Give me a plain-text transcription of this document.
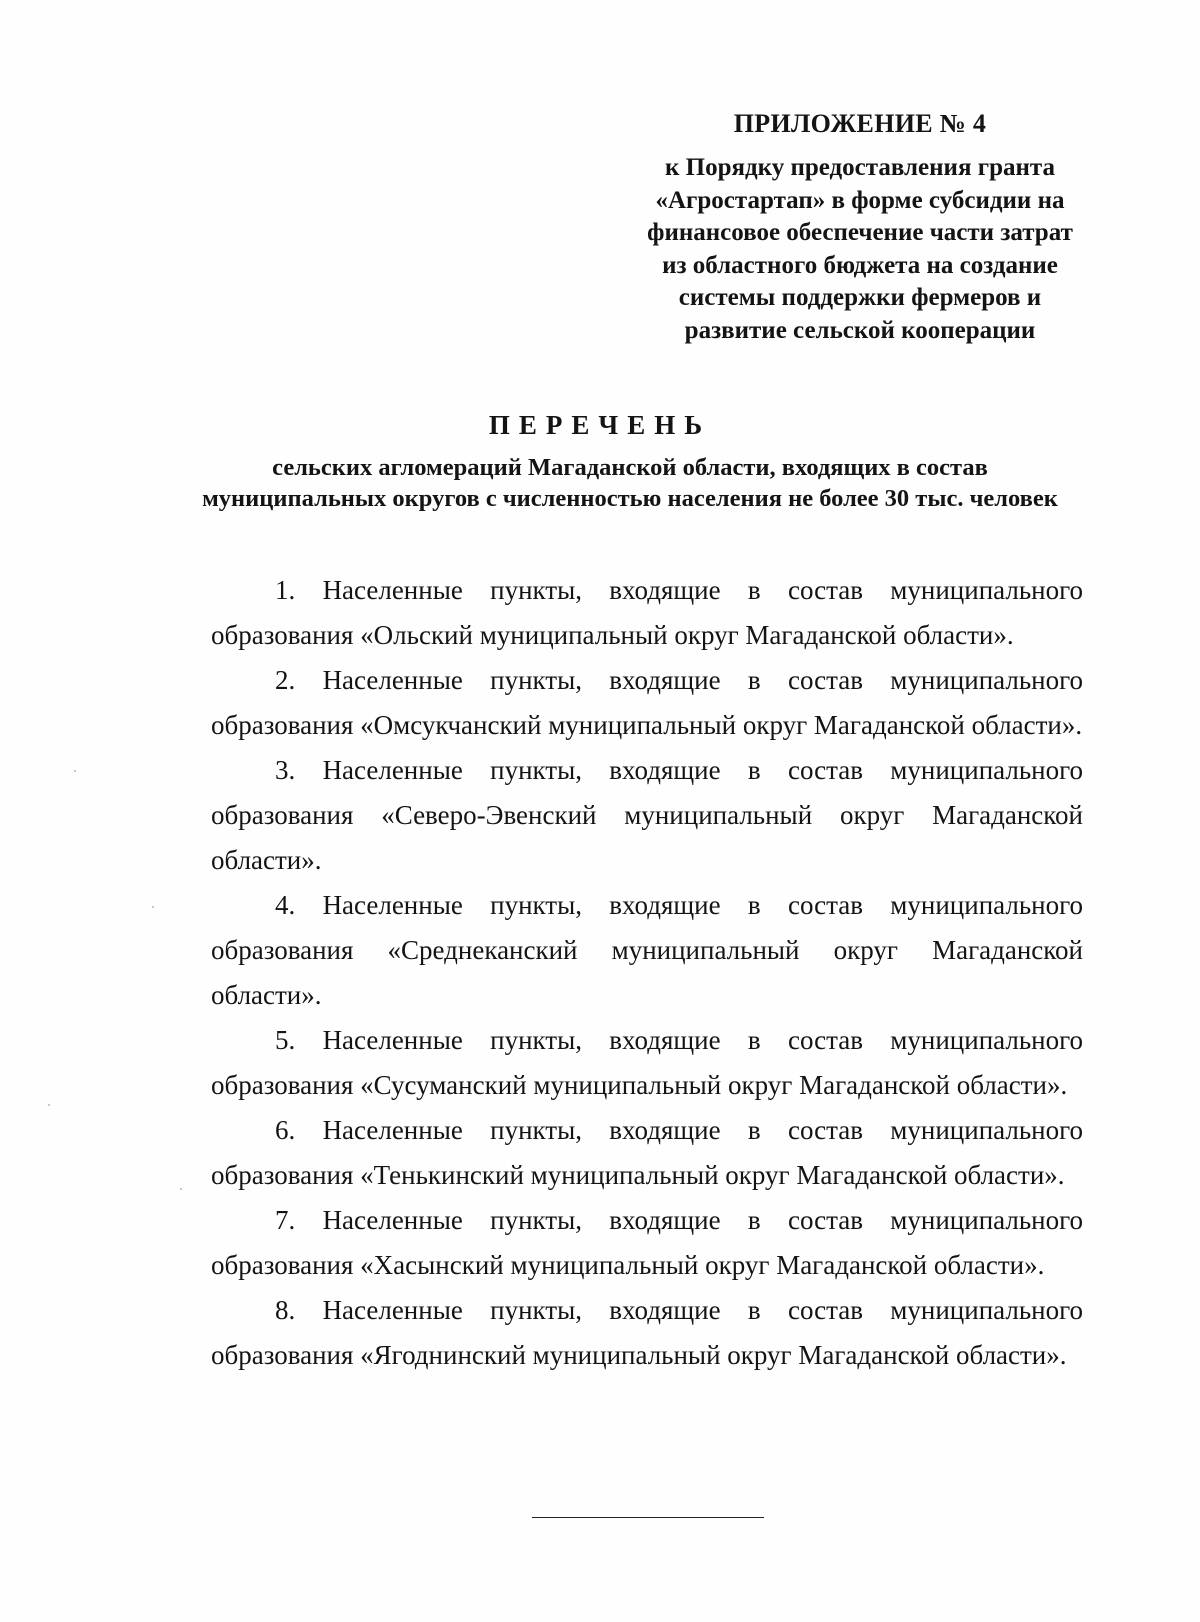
ПРИЛОЖЕНИЕ № 4
к Порядку предоставления гранта «Агростартап» в форме субсидии на финансовое обеспечение части затрат из областного бюджета на создание системы поддержки фермеров и развитие сельской кооперации
ПЕРЕЧЕНЬ
сельских агломераций Магаданской области, входящих в состав муниципальных округов с численностью населения не более 30 тыс. человек

1. Населенные пункты, входящие в состав муниципального образования «Ольский муниципальный округ Магаданской области».

2. Населенные пункты, входящие в состав муниципального образования «Омсукчанский муниципальный округ Магаданской области».

3. Населенные пункты, входящие в состав муниципального образования «Северо-Эвенский муниципальный округ Магаданской области».

4. Населенные пункты, входящие в состав муниципального образования «Среднеканский муниципальный округ Магаданской области».

5. Населенные пункты, входящие в состав муниципального образования «Сусуманский муниципальный округ Магаданской области».

6. Населенные пункты, входящие в состав муниципального образования «Тенькинский муниципальный округ Магаданской области».

7. Населенные пункты, входящие в состав муниципального образования «Хасынский муниципальный округ Магаданской области».

8. Населенные пункты, входящие в состав муниципального образования «Ягоднинский муниципальный округ Магаданской области».
